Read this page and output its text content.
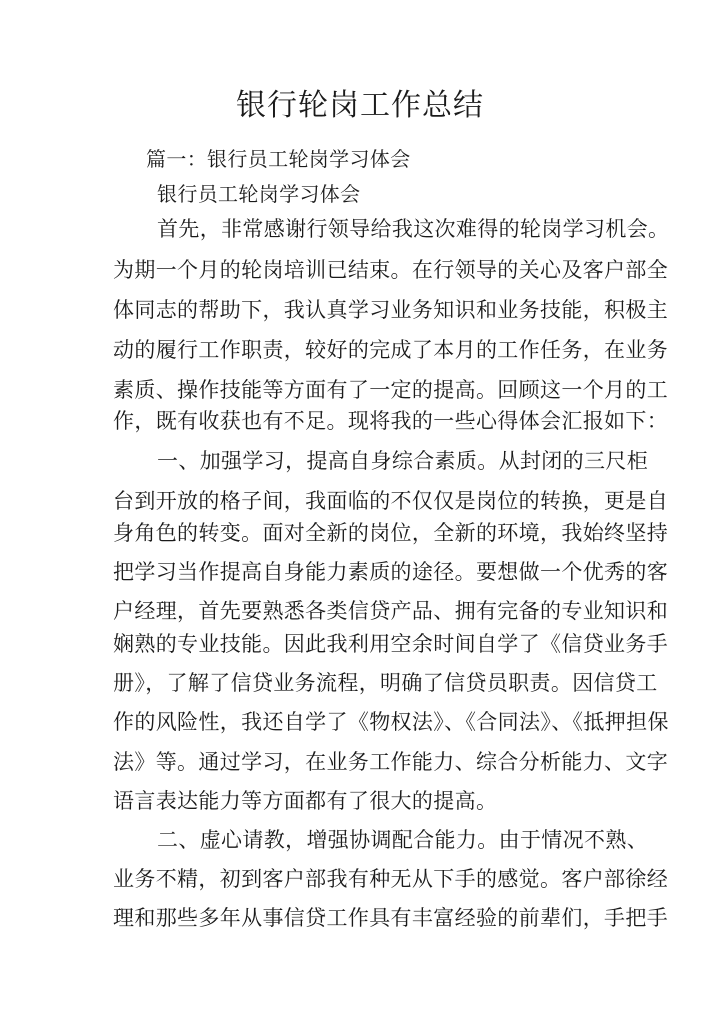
银行轮岗工作总结
篇一：银行员工轮岗学习体会
银行员工轮岗学习体会
首先，非常感谢行领导给我这次难得的轮岗学习机会。
为期一个月的轮岗培训已结束。在行领导的关心及客户部全
体同志的帮助下，我认真学习业务知识和业务技能，积极主
动的履行工作职责，较好的完成了本月的工作任务，在业务
素质、操作技能等方面有了一定的提高。回顾这一个月的工
作，既有收获也有不足。现将我的一些心得体会汇报如下：
一、加强学习，提高自身综合素质。从封闭的三尺柜
台到开放的格子间，我面临的不仅仅是岗位的转换，更是自
身角色的转变。面对全新的岗位，全新的环境，我始终坚持
把学习当作提高自身能力素质的途径。要想做一个优秀的客
户经理，首先要熟悉各类信贷产品、拥有完备的专业知识和
娴熟的专业技能。因此我利用空余时间自学了《信贷业务手
册》，了解了信贷业务流程，明确了信贷员职责。因信贷工
作的风险性，我还自学了《物权法》、《合同法》、《抵押担保
法》等。通过学习，在业务工作能力、综合分析能力、文字
语言表达能力等方面都有了很大的提高。
二、虚心请教，增强协调配合能力。由于情况不熟、
业务不精，初到客户部我有种无从下手的感觉。客户部徐经
理和那些多年从事信贷工作具有丰富经验的前辈们，手把手
